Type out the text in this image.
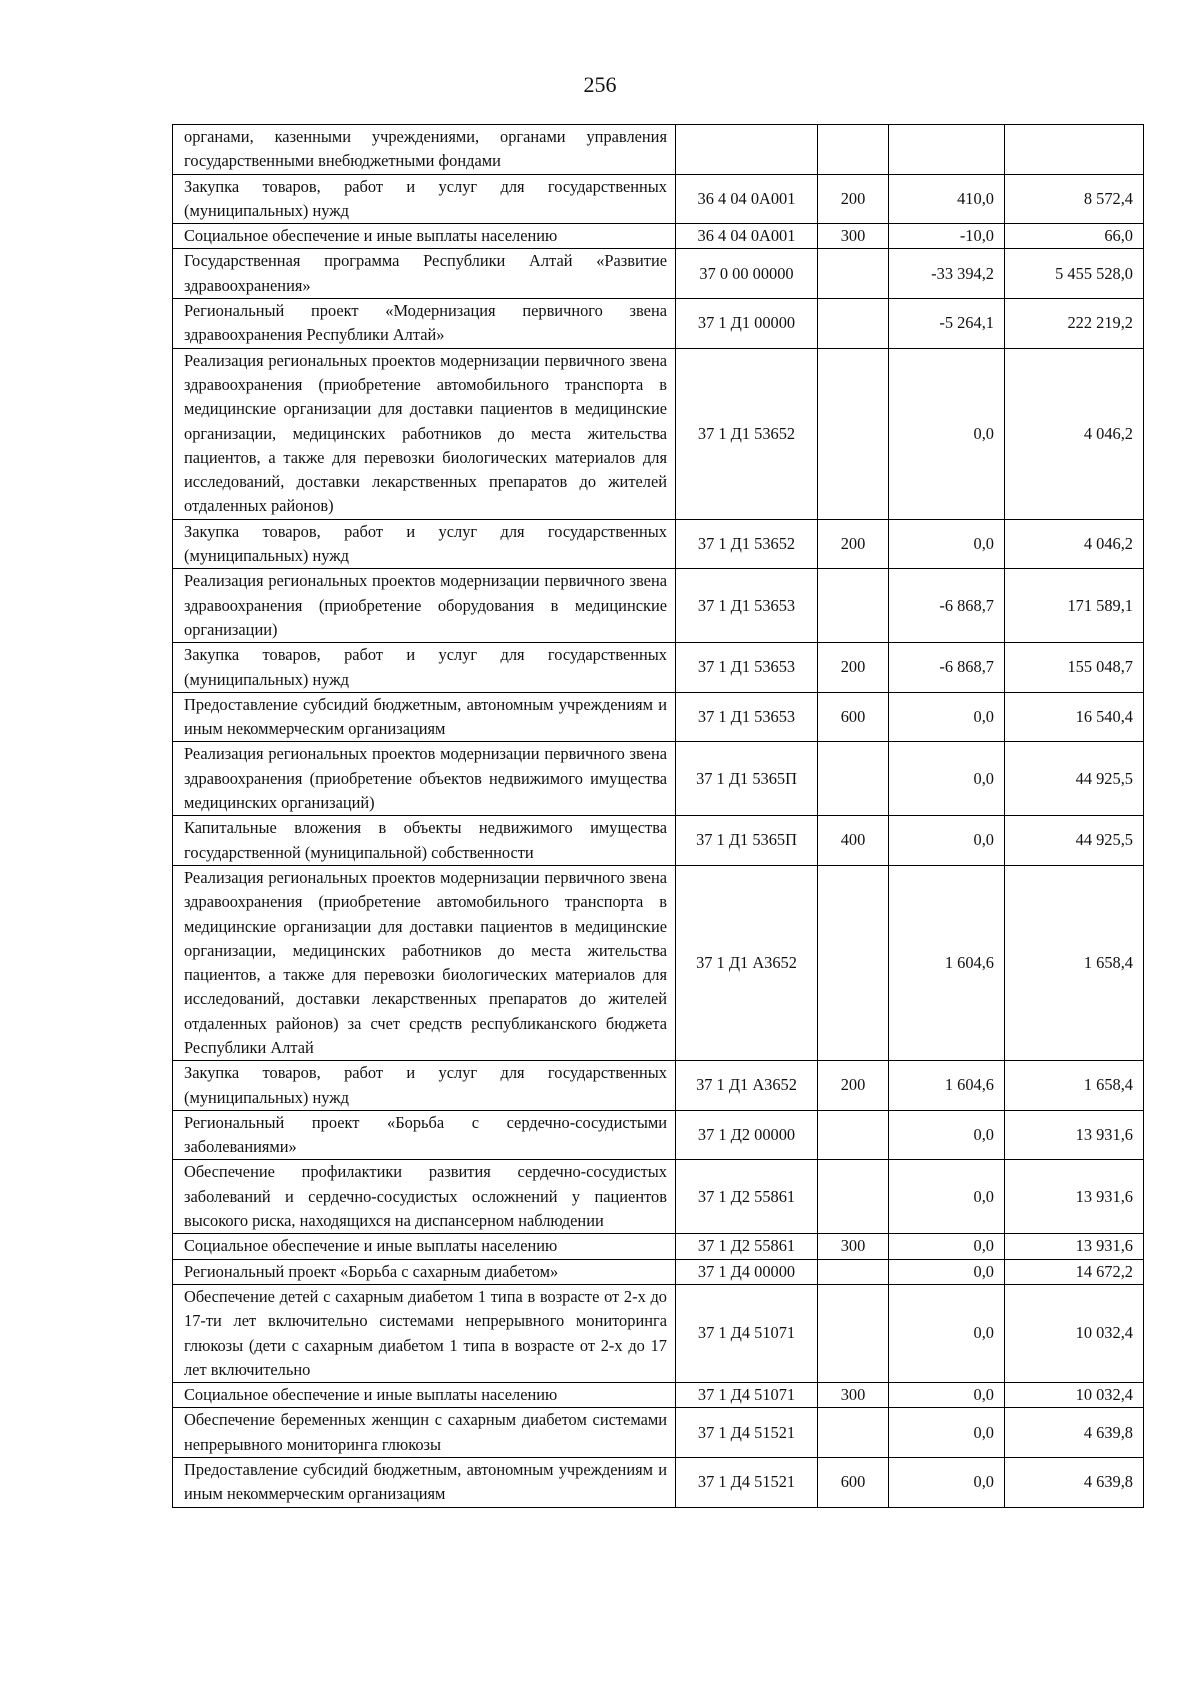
256
органами, казенными учреждениями, органами управления государственными внебюджетными фондами				
Закупка товаров, работ и услуг для государственных (муниципальных) нужд	36 4 04 0А001	200	410,0	8 572,4
Социальное обеспечение и иные выплаты населению	36 4 04 0А001	300	-10,0	66,0
Государственная программа Республики Алтай «Развитие здравоохранения»	37 0 00 00000		-33 394,2	5 455 528,0
Региональный проект «Модернизация первичного звена здравоохранения Республики Алтай»	37 1 Д1 00000		-5 264,1	222 219,2
Реализация региональных проектов модернизации первичного звена здравоохранения (приобретение автомобильного транспорта в медицинские организации для доставки пациентов в медицинские организации, медицинских работников до места жительства пациентов, а также для перевозки биологических материалов для исследований, доставки лекарственных препаратов до жителей отдаленных районов)	37 1 Д1 53652		0,0	4 046,2
Закупка товаров, работ и услуг для государственных (муниципальных) нужд	37 1 Д1 53652	200	0,0	4 046,2
Реализация региональных проектов модернизации первичного звена здравоохранения (приобретение оборудования в медицинские организации)	37 1 Д1 53653		-6 868,7	171 589,1
Закупка товаров, работ и услуг для государственных (муниципальных) нужд	37 1 Д1 53653	200	-6 868,7	155 048,7
Предоставление субсидий бюджетным, автономным учреждениям и иным некоммерческим организациям	37 1 Д1 53653	600	0,0	16 540,4
Реализация региональных проектов модернизации первичного звена здравоохранения (приобретение объектов недвижимого имущества медицинских организаций)	37 1 Д1 5365П		0,0	44 925,5
Капитальные вложения в объекты недвижимого имущества государственной (муниципальной) собственности	37 1 Д1 5365П	400	0,0	44 925,5
Реализация региональных проектов модернизации первичного звена здравоохранения (приобретение автомобильного транспорта в медицинские организации для доставки пациентов в медицинские организации, медицинских работников до места жительства пациентов, а также для перевозки биологических материалов для исследований, доставки лекарственных препаратов до жителей отдаленных районов) за счет средств республиканского бюджета Республики Алтай	37 1 Д1 А3652		1 604,6	1 658,4
Закупка товаров, работ и услуг для государственных (муниципальных) нужд	37 1 Д1 А3652	200	1 604,6	1 658,4
Региональный проект «Борьба с сердечно-сосудистыми заболеваниями»	37 1 Д2 00000		0,0	13 931,6
Обеспечение профилактики развития сердечно-сосудистых заболеваний и сердечно-сосудистых осложнений у пациентов высокого риска, находящихся на диспансерном наблюдении	37 1 Д2 55861		0,0	13 931,6
Социальное обеспечение и иные выплаты населению	37 1 Д2 55861	300	0,0	13 931,6
Региональный проект «Борьба с сахарным диабетом»	37 1 Д4 00000		0,0	14 672,2
Обеспечение детей с сахарным диабетом 1 типа в возрасте от 2-х до 17-ти лет включительно системами непрерывного мониторинга глюкозы (дети с сахарным диабетом 1 типа в возрасте от 2-х до 17 лет включительно	37 1 Д4 51071		0,0	10 032,4
Социальное обеспечение и иные выплаты населению	37 1 Д4 51071	300	0,0	10 032,4
Обеспечение беременных женщин с сахарным диабетом системами непрерывного мониторинга глюкозы	37 1 Д4 51521		0,0	4 639,8
Предоставление субсидий бюджетным, автономным учреждениям и иным некоммерческим организациям	37 1 Д4 51521	600	0,0	4 639,8
